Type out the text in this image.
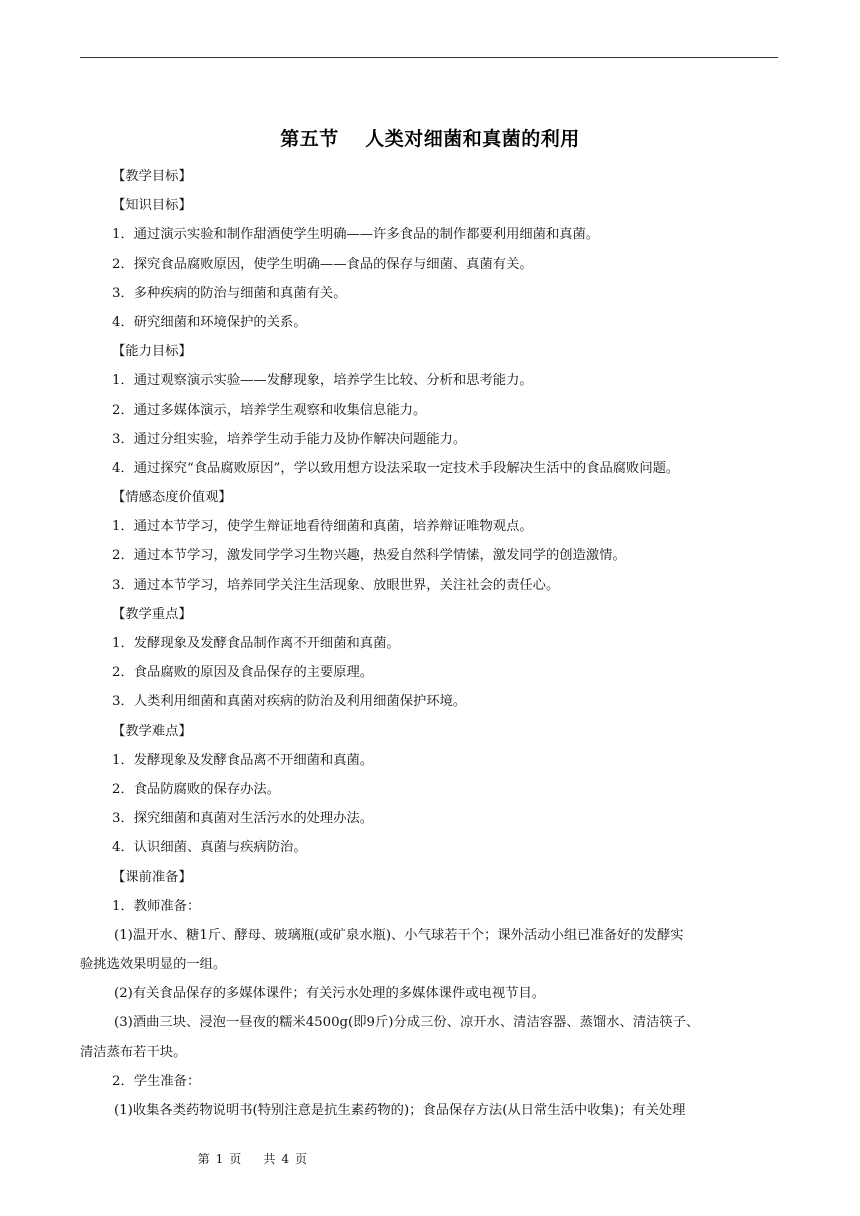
第五节　 人类对细菌和真菌的利用
【教学目标】
【知识目标】
1．通过演示实验和制作甜酒使学生明确——许多食品的制作都要利用细菌和真菌。
2．探究食品腐败原因，使学生明确——食品的保存与细菌、真菌有关。
3．多种疾病的防治与细菌和真菌有关。
4．研究细菌和环境保护的关系。
【能力目标】
1．通过观察演示实验——发酵现象，培养学生比较、分析和思考能力。
2．通过多媒体演示，培养学生观察和收集信息能力。
3．通过分组实验，培养学生动手能力及协作解决问题能力。
4．通过探究“食品腐败原因”，学以致用想方设法采取一定技术手段解决生活中的食品腐败问题。
【情感态度价值观】
1．通过本节学习，使学生辩证地看待细菌和真菌，培养辩证唯物观点。
2．通过本节学习，激发同学学习生物兴趣，热爱自然科学情愫，激发同学的创造激情。
3．通过本节学习，培养同学关注生活现象、放眼世界，关注社会的责任心。
【教学重点】
1．发酵现象及发酵食品制作离不开细菌和真菌。
2．食品腐败的原因及食品保存的主要原理。
3．人类利用细菌和真菌对疾病的防治及利用细菌保护环境。
【教学难点】
1．发酵现象及发酵食品离不开细菌和真菌。
2．食品防腐败的保存办法。
3．探究细菌和真菌对生活污水的处理办法。
4．认识细菌、真菌与疾病防治。
【课前准备】
1．教师准备：
(1)温开水、糖1斤、酵母、玻璃瓶(或矿泉水瓶)、小气球若干个；课外活动小组已准备好的发酵实
验挑选效果明显的一组。
(2)有关食品保存的多媒体课件；有关污水处理的多媒体课件或电视节目。
(3)酒曲三块、浸泡一昼夜的糯米4500g(即9斤)分成三份、凉开水、清洁容器、蒸馏水、清洁筷子、
清洁蒸布若干块。
2．学生准备：
(1)收集各类药物说明书(特别注意是抗生素药物的)；食品保存方法(从日常生活中收集)；有关处理

第 1 页 共 4 页
